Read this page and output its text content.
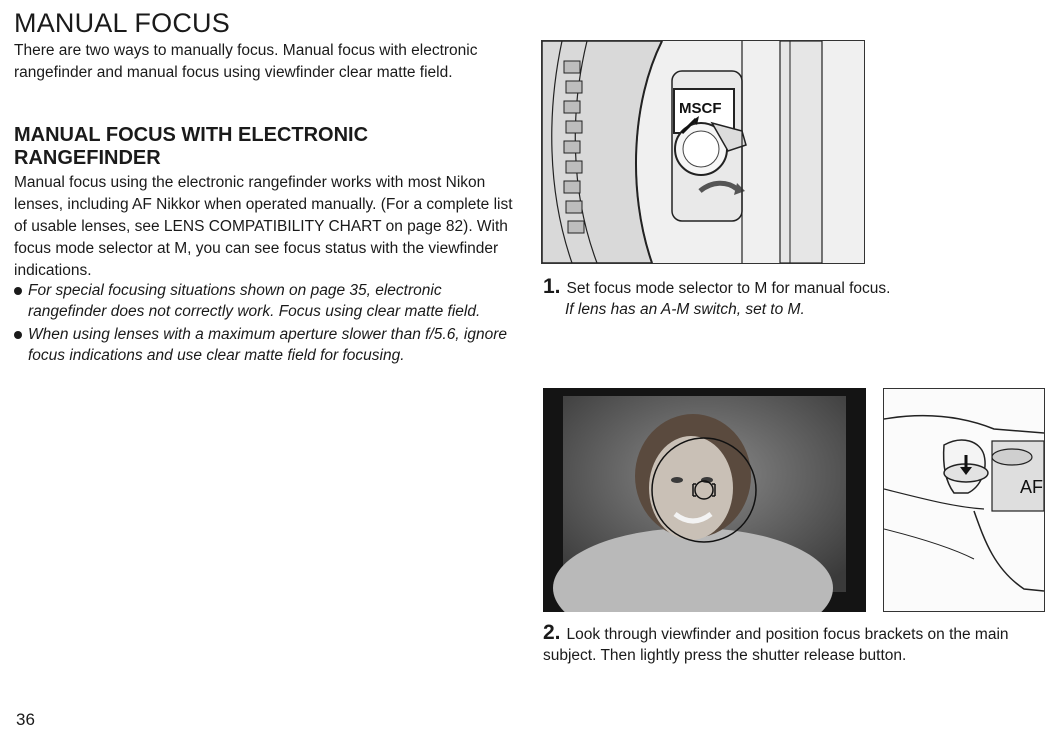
MANUAL FOCUS

There are two ways to manually focus. Manual focus with electronic rangefinder and manual focus using viewfinder clear matte field.

MANUAL FOCUS WITH ELECTRONIC RANGEFINDER

Manual focus using the electronic rangefinder works with most Nikon lenses, including AF Nikkor when operated manually. (For a complete list of usable lenses, see LENS COMPATIBILITY CHART on page 82). With focus mode selector at M, you can see focus status with the viewfinder indications.

For special focusing situations shown on page 35, electronic rangefinder does not correctly work. Focus using clear matte field.
When using lenses with a maximum aperture slower than f/5.6, ignore focus indications and use clear matte field for focusing.
MSCF
1. Set focus mode selector to M for manual focus.
If lens has an A-M switch, set to M.
AF
2. Look through viewfinder and position focus brackets on the main subject. Then lightly press the shutter release button.
36
